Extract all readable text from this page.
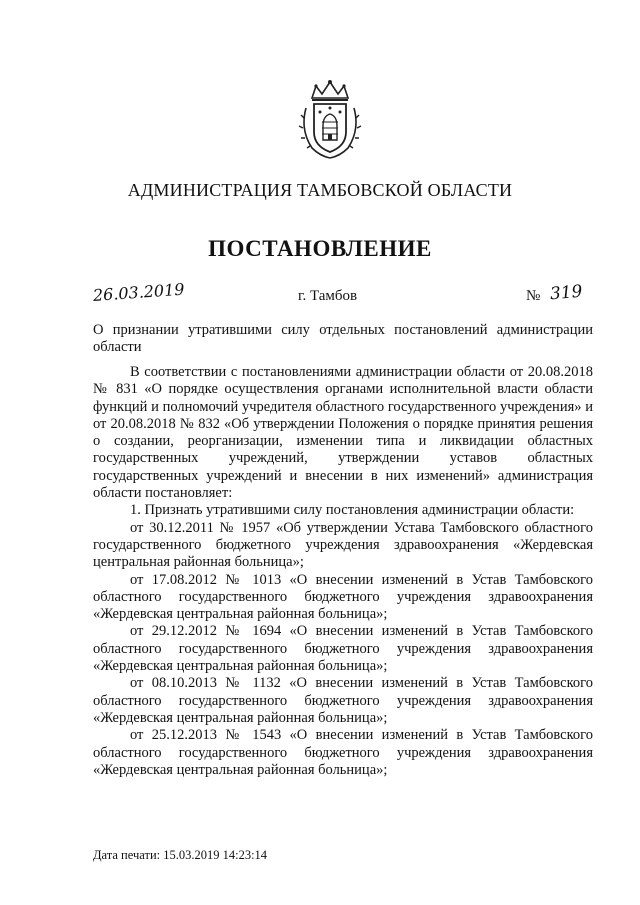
АДМИНИСТРАЦИЯ ТАМБОВСКОЙ ОБЛАСТИ
ПОСТАНОВЛЕНИЕ
26.03.2019	г. Тамбов	№ 319
О признании утратившими силу отдельных постановлений администрации области

В соответствии с постановлениями администрации области от 20.08.2018 № 831 «О порядке осуществления органами исполнительной власти области функций и полномочий учредителя областного государственного учреждения» и от 20.08.2018 № 832 «Об утверждении Положения о порядке принятия решения о создании, реорганизации, изменении типа и ликвидации областных государственных учреждений, утверждении уставов областных государственных учреждений и внесении в них изменений» администрация области постановляет:

1. Признать утратившими силу постановления администрации области:

от 30.12.2011 № 1957 «Об утверждении Устава Тамбовского областного государственного бюджетного учреждения здравоохранения «Жердевская центральная районная больница»;

от 17.08.2012 № 1013 «О внесении изменений в Устав Тамбовского областного государственного бюджетного учреждения здравоохранения «Жердевская центральная районная больница»;

от 29.12.2012 № 1694 «О внесении изменений в Устав Тамбовского областного государственного бюджетного учреждения здравоохранения «Жердевская центральная районная больница»;

от 08.10.2013 № 1132 «О внесении изменений в Устав Тамбовского областного государственного бюджетного учреждения здравоохранения «Жердевская центральная районная больница»;

от 25.12.2013 № 1543 «О внесении изменений в Устав Тамбовского областного государственного бюджетного учреждения здравоохранения «Жердевская центральная районная больница»;

Дата печати: 15.03.2019 14:23:14
